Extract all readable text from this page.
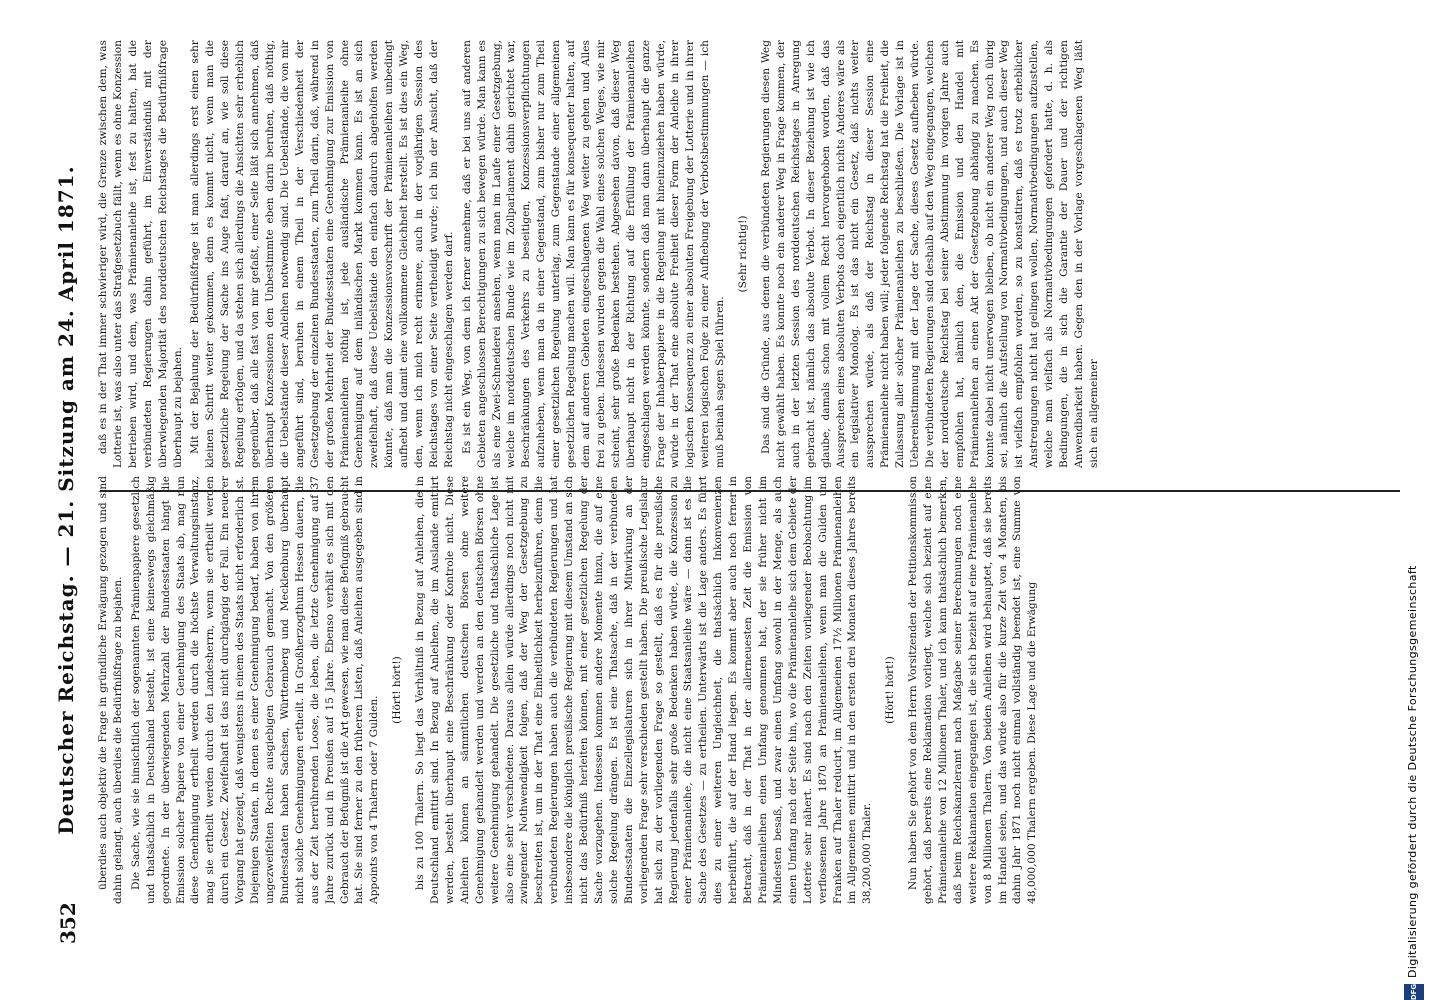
352
Deutscher Reichstag. — 21. Sitzung am 24. April 1871. überdies auch objektiv die Frage in gründliche Erwägung gezogen und sind dahin gelangt, auch überdies die Bedürfnißfrage zu bejahen. Die Sache, wie sie hinsichtlich der sogenannten Prämienpapiere gesetzlich und thatsächlich in Deutschland besteht, ist eine keineswegs gleichmäßig geordnete. In der überwiegenden Mehrzahl der Bundesstaaten hängt die Emission solcher Papiere von einer Genehmigung des Staats ab, mag nun diese Genehmigung ertheilt werden durch die höchste Verwaltungsinstanz, mag sie ertheilt werden durch den Landesherrn, wenn sie ertheilt werden durch ein Gesetz. Zweifelhaft ist das nicht durchgängig der Fall. Ein neuerer Vorgang hat gezeigt, daß wenigstens in einem des Staats nicht erforderlich ist. Diejenigen Staaten, in denen es einer Genehmigung bedarf, haben von ihrem ungezweifelten Rechte ausgiebigen Gebrauch gemacht. Von den größeren Bundesstaaten haben Sachsen, Württemberg und Mecklenburg überhaupt nicht solche Genehmigungen ertheilt. In Großherzogthum Hessen dauern, die aus der Zeit herrührenden Loose, die leben, die letzte Genehmigung auf 37 Jahre zurück und in Preußen auf 15 Jahre. Ebenso verhält es sich mit den Gebrauch der Befugniß ist die Art gewesen, wie man diese Befugniß gebraucht hat. Sie sind ferner zu den früheren Listen, daß Anleihen ausgegeben sind in Appoints von 4 Thalern oder 7 Gulden.

(Hört! hört!) bis zu 100 Thalern. So liegt das Verhältniß in Bezug auf Anleihen, die in Deutschland emittirt sind. In Bezug auf Anleihen, die im Auslande emittirt werden, besteht überhaupt eine Beschränkung oder Kontrole nicht. Diese Anleihen können an sämmtlichen deutschen Börsen ohne weitere Genehmigung gehandelt werden und werden an den deutschen Börsen ohne weitere Genehmigung gehandelt. Die gesetzliche und thatsächliche Lage ist also eine sehr verschiedene. Daraus allein würde allerdings noch nicht mit zwingender Nothwendigkeit folgen, daß der Weg der Gesetzgebung zu beschreiten ist, um in der That eine Einheitlichkeit herbeizuführen, denn die verbündeten Regierungen haben auch die verbündeten Regierungen und hat insbesondere die königlich preußische Regierung mit diesem Umstand an sich nicht das Bedürfniß herleiten können, mit einer gesetzlichen Regelung der Sache vorzugehen. Indessen kommen andere Momente hinzu, die auf eine solche Regelung drängen. Es ist eine Thatsache, daß in der verbündeten Bundesstaaten die Einzellegislaturen sich in ihrer Mitwirkung an der vorliegenden Frage sehr verschieden gestellt haben. Die preußische Legislatur hat sich zu der vorliegenden Frage so gestellt, daß es für die preußische Regierung jedenfalls sehr große Bedenken haben würde, die Konzession zu einer Prämienanleihe, die nicht eine Staatsanleihe wäre — dann ist es die Sache des Gesetzes — zu ertheilen. Unterwärts ist die Lage anders. Es führt dies zu einer weiteren Ungleichheit, die thatsächlich Inkonvenienzen herbeiführt, die auf der Hand liegen. Es kommt aber auch noch ferner in Betracht, daß in der That in der allerneuesten Zeit die Emission von Prämienanleihen einen Umfang genommen hat, der sie früher nicht im Mindesten besaß, und zwar einen Umfang sowohl in der Menge, als auch einen Umfang nach der Seite hin, wo die Prämienanleihe sich dem Gebiete der Lotterie sehr nähert. Es sind nach den Zeiten vorliegender Beobachtung im verflossenen Jahre 1870 an Prämienanleihen, wenn man die Gulden und Franken auf Thaler reducirt, im Allgemeinen 17½ Millionen Prämienanleihen im Allgemeinen emittirt und in den ersten drei Monaten dieses Jahres bereits 38,200,000 Thaler.

(Hört! hört!) Nun haben Sie gehört von dem Herrn Vorsitzenden der Petitionskommission gehört, daß bereits eine Reklamation vorliegt, welche sich bezieht auf eine Prämienanleihe von 12 Millionen Thaler, und ich kann thatsächlich bemerken, daß beim Reichskanzleramt nach Maßgabe seiner Berechnungen noch eine weitere Reklamation eingegangen ist, die sich bezieht auf eine Prämienanleihe von 8 Millionen Thalern. Von beiden Anleihen wird behauptet, daß sie bereits im Handel seien, und das würde also für die kurze Zeit von 4 Monaten, bis dahin Jahr 1871 noch nicht einmal vollständig beendet ist, eine Summe von 48,000,000 Thalern ergeben. Diese Lage und die Erwägung

daß es in der That immer schwieriger wird, die Grenze zwischen dem, was Lotterie ist, was also unter das Strafgesetzbuch fällt, wenn es ohne Konzession betrieben wird, und dem, was Prämienanleihe ist, fest zu halten, hat die verbündeten Regierungen dahin geführt, im Einverständniß mit der überwiegenden Majorität des norddeutschen Reichstages die Bedürfnißfrage überhaupt zu bejahen. Mit der Bejahung der Bedürfnißfrage ist man allerdings erst einen sehr kleinen Schritt weiter gekommen, denn es kommt nicht, wenn man die gesetzliche Regelung der Sache ins Auge faßt, darauf an, wie soll diese Regelung erfolgen, und da stehen sich allerdings die Ansichten sehr erheblich gegenüber, daß alle fast von mir gefaßt, einer Seite läßt sich annehmen, daß überhaupt Konzessionen den Unbestimmte eben darin beruhen, daß nöthig, die Uebelstände dieser Anleihen notwendig sind. Die Uebelstände, die von mir angeführt sind, beruhen in einem Theil in der Verschiedenheit der Gesetzgebung der einzelnen Bundesstaaten, zum Theil darin, daß, während in der großen Mehrheit der Bundesstaaten eine Genehmigung zur Emission von Prämienanleihen nöthig ist, jede ausländische Prämienanleihe ohne Genehmigung auf dem inländischen Markt kommen kann. Es ist an sich zweifelhaft, daß diese Uebelstände den einfach dadurch abgeholfen werden könnte, daß man die Konzessionsvorschrift der Prämienanleihen unbedingt aufhebt und damit eine vollkommene Gleichheit herstellt. Es ist dies ein Weg, den, wenn ich mich recht erinnere, auch in der vorjährigen Session des Reichstages von einer Seite vertheidigt wurde; ich bin der Ansicht, daß der Reichstag nicht eingeschlagen werden darf. Es ist ein Weg, von dem ich ferner annehme, daß er bei uns auf anderen Gebieten angeschlossen Berechtigungen zu sich bewegen würde. Man kann es als eine Zwei-Schneiderei ansehen, wenn man im Laufe einer Gesetzgebung, welche im norddeutschen Bunde wie im Zollparlament dahin gerichtet war, Beschränkungen des Verkehrs zu beseitigen, Konzessionsverpflichtungen aufzuheben, wenn man da in einer Gegenstand, zum bisher nur zum Theil einer gesetzlichen Regelung unterlag, zum Gegenstande einer allgemeinen gesetzlichen Regelung machen will. Man kann es für konsequenter halten, auf dem auf anderen Gebieten eingeschlagenen Weg weiter zu gehen und Alles frei zu geben. Indessen wurden gegen die Wahl eines solchen Weges, wie mir scheint, sehr große Bedenken bestehen. Abgesehen davon, daß dieser Weg überhaupt nicht in der Richtung auf die Erfüllung der Prämienanleihen eingeschlagen werden könnte, sondern daß man dann überhaupt die ganze Frage der Inhaberpapiere in die Regelung mit hineinzuziehen haben würde, würde in der That eine absolute Freiheit dieser Form der Anleihe in ihrer logischen Konsequenz zu einer absoluten Freigebung der Lotterie und in ihrer weiteren logischen Folge zu einer Aufhebung der Verbotsbestimmungen — ich muß beinah sagen Spiel führen.

(Sehr richtig!) Das sind die Gründe, aus denen die verbündeten Regierungen diesen Weg nicht gewählt haben. Es konnte noch ein anderer Weg in Frage kommen, der auch in der letzten Session des norddeutschen Reichstages in Anregung gebracht ist, nämlich das absolute Verbot. In dieser Beziehung ist wie ich glaube, damals schon mit vollem Recht hervorgehoben worden, daß das Aussprechen eines absoluten Verbots doch eigentlich nichts Anderes wäre als ein legislativer Monolog. Es ist das nicht ein Gesetz, daß nichts weiter aussprechen würde, als daß der Reichstag in dieser Session eine Prämienanleihe nicht haben will; jeder folgende Reichstag hat die Freiheit, die Zulassung aller solcher Prämienanleihen zu beschließen. Die Vorlage ist in Uebereinstimmung mit der Lage der Sache, dieses Gesetz aufheben würde. Die verbündeten Regierungen sind deshalb auf den Weg eingegangen, welchen der norddeutsche Reichstag bei seiner Abstimmung im vorigen Jahre auch empfohlen hat, nämlich den, die Emission und den Handel mit Prämienanleihen an einen Akt der Gesetzgebung abhängig zu machen. Es konnte dabei nicht unerwogen bleiben, ob nicht ein anderer Weg noch übrig sei, nämlich die Aufstellung von Normativbedingungen, und auch dieser Weg ist vielfach empfohlen worden, so zu konstatiren, daß es trotz erheblicher Anstrengungen nicht hat gelingen wollen, Normativbedingungen aufzustellen, welche man vielfach als Normativbedingungen gefordert hatte, d. h. als Bedingungen, die in sich die Garantie der Dauer und der richtigen Anwendbarkeit haben. Gegen den in der Vorlage vorgeschlagenen Weg läßt sich ein allgemeiner

DFG
Digitalisierung gefördert durch die Deutsche Forschungsgemeinschaft
